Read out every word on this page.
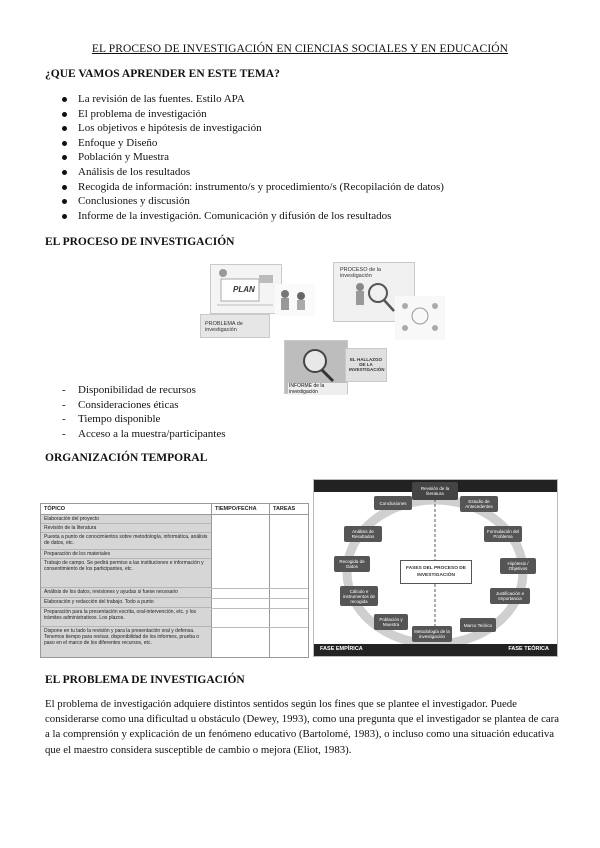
EL PROCESO DE INVESTIGACIÓN EN CIENCIAS SOCIALES Y EN EDUCACIÓN
¿QUE VAMOS APRENDER EN ESTE TEMA?
La revisión de las fuentes. Estilo APA
El problema de investigación
Los objetivos e hipótesis de investigación
Enfoque y Diseño
Población y Muestra
Análisis de los resultados
Recogida de información: instrumento/s y procedimiento/s (Recopilación de datos)
Conclusiones y discusión
Informe de la investigación. Comunicación y difusión de los resultados
EL PROCESO DE INVESTIGACIÓN
PROBLEMA de investigación
PLAN
PROCESO de la investigación
INFORME de la investigación
EL HALLAZGO DE LA INVESTIGACIÓN
- Disponibilidad de recursos
- Consideraciones éticas
- Tiempo disponible
- Acceso a la muestra/participantes
ORGANIZACIÓN TEMPORAL
TÓPICO	TIEMPO/FECHA	TAREAS
Elaboración del proyecto
Revisión de la literatura
Puesta a punto de conocimientos sobre metodología, informática, análisis de datos, etc.
Preparación de los materiales
Trabajo de campo. Se pedirá permiso a las instituciones e información y consentimiento de los participantes, etc.
Análisis de los datos, revisiones y ayudas si fuese necesario
Elaboración y redacción del trabajo. Todo a punto
Preparación para la presentación escrita, oral-intervención, etc. y los trámites administrativos. Los plazos.
Dispone en tu lado la revisión y para la presentación oral y defensa. Tenemos tiempo para revisar, disponibilidad de los informes, prueba o paso en el marco de los diferentes recursos, etc.
Revisión de la literatura
Conclusiones	Estudio de Antecedentes
Formulación del Problema
Análisis de Resultados
Recogida de Datos
Hipótesis / Objetivos
Cálculo e instrumentos de recogida
Población y Muestra
Metodología de la investigación
Marco Teórico
Justificación e Importancia
FASES DEL PROCESO DE INVESTIGACIÓN
FASE EMPÍRICA	FASE TEÓRICA
EL PROBLEMA DE INVESTIGACIÓN
El problema de investigación adquiere distintos sentidos según los fines que se plantee el investigador. Puede considerarse como una dificultad u obstáculo (Dewey, 1993), como una pregunta que el investigador se plantea de cara a la comprensión y explicación de un fenómeno educativo (Bartolomé, 1983), o incluso como una situación educativa que el maestro considera susceptible de cambio o mejora (Eliot, 1983).
